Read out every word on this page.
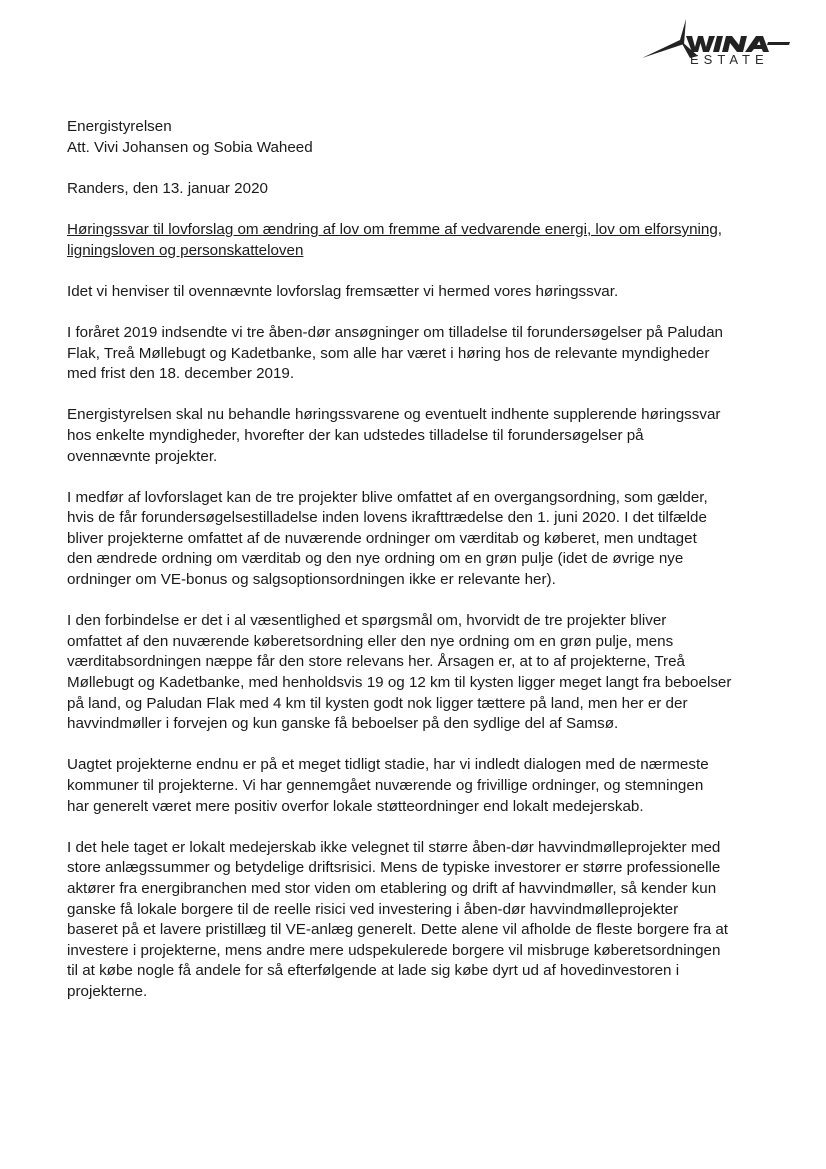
ESTATE

Energistyrelsen

Att. Vivi Johansen og Sobia Waheed

Randers, den 13. januar 2020

Høringssvar til lovforslag om ændring af lov om fremme af vedvarende energi, lov om elforsyning,

ligningsloven og personskatteloven

Idet vi henviser til ovennævnte lovforslag fremsætter vi hermed vores høringssvar.

I foråret 2019 indsendte vi tre åben-dør ansøgninger om tilladelse til forundersøgelser på Paludan

Flak, Treå Møllebugt og Kadetbanke, som alle har været i høring hos de relevante myndigheder

med frist den 18. december 2019.

Energistyrelsen skal nu behandle høringssvarene og eventuelt indhente supplerende høringssvar

hos enkelte myndigheder, hvorefter der kan udstedes tilladelse til forundersøgelser på

ovennævnte projekter.

I medfør af lovforslaget kan de tre projekter blive omfattet af en overgangsordning, som gælder,

hvis de får forundersøgelsestilladelse inden lovens ikrafttrædelse den 1. juni 2020. I det tilfælde

bliver projekterne omfattet af de nuværende ordninger om værditab og køberet, men undtaget

den ændrede ordning om værditab og den nye ordning om en grøn pulje (idet de øvrige nye

ordninger om VE-bonus og salgsoptionsordningen ikke er relevante her).

I den forbindelse er det i al væsentlighed et spørgsmål om, hvorvidt de tre projekter bliver

omfattet af den nuværende køberetsordning eller den nye ordning om en grøn pulje, mens

værditabsordningen næppe får den store relevans her. Årsagen er, at to af projekterne, Treå

Møllebugt og Kadetbanke, med henholdsvis 19 og 12 km til kysten ligger meget langt fra beboelser

på land, og Paludan Flak med 4 km til kysten godt nok ligger tættere på land, men her er der

havvindmøller i forvejen og kun ganske få beboelser på den sydlige del af Samsø.

Uagtet projekterne endnu er på et meget tidligt stadie, har vi indledt dialogen med de nærmeste

kommuner til projekterne. Vi har gennemgået nuværende og frivillige ordninger, og stemningen

har generelt været mere positiv overfor lokale støtteordninger end lokalt medejerskab.

I det hele taget er lokalt medejerskab ikke velegnet til større åben-dør havvindmølleprojekter med

store anlægssummer og betydelige driftsrisici. Mens de typiske investorer er større professionelle

aktører fra energibranchen med stor viden om etablering og drift af havvindmøller, så kender kun

ganske få lokale borgere til de reelle risici ved investering i åben-dør havvindmølleprojekter

baseret på et lavere pristillæg til VE-anlæg generelt. Dette alene vil afholde de fleste borgere fra at

investere i projekterne, mens andre mere udspekulerede borgere vil misbruge køberetsordningen

til at købe nogle få andele for så efterfølgende at lade sig købe dyrt ud af hovedinvestoren i

projekterne.
